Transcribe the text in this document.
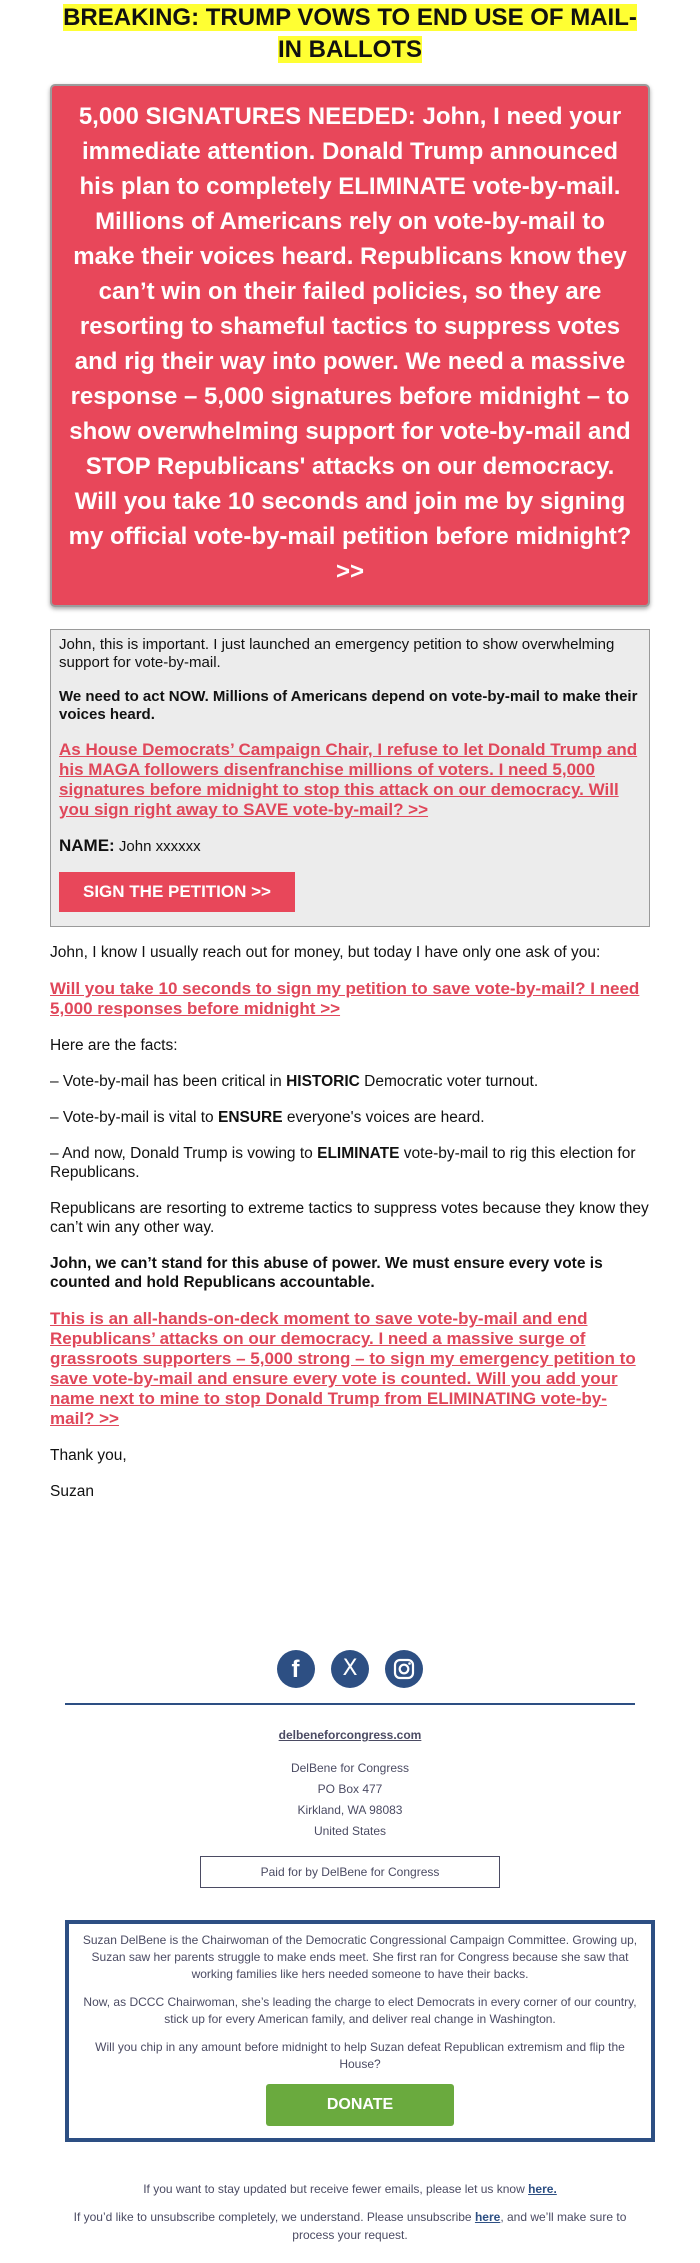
BREAKING: TRUMP VOWS TO END USE OF MAIL-
IN BALLOTS
5,000 SIGNATURES NEEDED: John, I need your immediate attention. Donald Trump announced his plan to completely ELIMINATE vote-by-mail. Millions of Americans rely on vote-by-mail to make their voices heard. Republicans know they can’t win on their failed policies, so they are resorting to shameful tactics to suppress votes and rig their way into power. We need a massive response – 5,000 signatures before midnight – to show overwhelming support for vote-by-mail and STOP Republicans' attacks on our democracy. Will you take 10 seconds and join me by signing my official vote-by-mail petition before midnight? >>

John, this is important. I just launched an emergency petition to show overwhelming support for vote-by-mail.

We need to act NOW. Millions of Americans depend on vote-by-mail to make their voices heard.

As House Democrats’ Campaign Chair, I refuse to let Donald Trump and his MAGA followers disenfranchise millions of voters. I need 5,000 signatures before midnight to stop this attack on our democracy. Will you sign right away to SAVE vote-by-mail? >>

NAME: John xxxxxx
SIGN THE PETITION >>

John, I know I usually reach out for money, but today I have only one ask of you:

Will you take 10 seconds to sign my petition to save vote-by-mail? I need 5,000 responses before midnight >>

Here are the facts:

– Vote-by-mail has been critical in HISTORIC Democratic voter turnout.

– Vote-by-mail is vital to ENSURE everyone's voices are heard.

– And now, Donald Trump is vowing to ELIMINATE vote-by-mail to rig this election for Republicans.

Republicans are resorting to extreme tactics to suppress votes because they know they can’t win any other way.

John, we can’t stand for this abuse of power. We must ensure every vote is counted and hold Republicans accountable.

This is an all-hands-on-deck moment to save vote-by-mail and end Republicans’ attacks on our democracy. I need a massive surge of grassroots supporters – 5,000 strong – to sign my emergency petition to save vote-by-mail and ensure every vote is counted. Will you add your name next to mine to stop Donald Trump from ELIMINATING vote-by-mail? >>

Thank you,

Suzan

f
	X

delbeneforcongress.com
DelBene for Congress
PO Box 477
Kirkland, WA 98083
United States
Paid for by DelBene for Congress

Suzan DelBene is the Chairwoman of the Democratic Congressional Campaign Committee. Growing up, Suzan saw her parents struggle to make ends meet. She first ran for Congress because she saw that working families like hers needed someone to have their backs.

Now, as DCCC Chairwoman, she’s leading the charge to elect Democrats in every corner of our country, stick up for every American family, and deliver real change in Washington.

Will you chip in any amount before midnight to help Suzan defeat Republican extremism and flip the House?

DONATE

If you want to stay updated but receive fewer emails, please let us know here.

If you’d like to unsubscribe completely, we understand. Please unsubscribe here, and we’ll make sure to process your request.
